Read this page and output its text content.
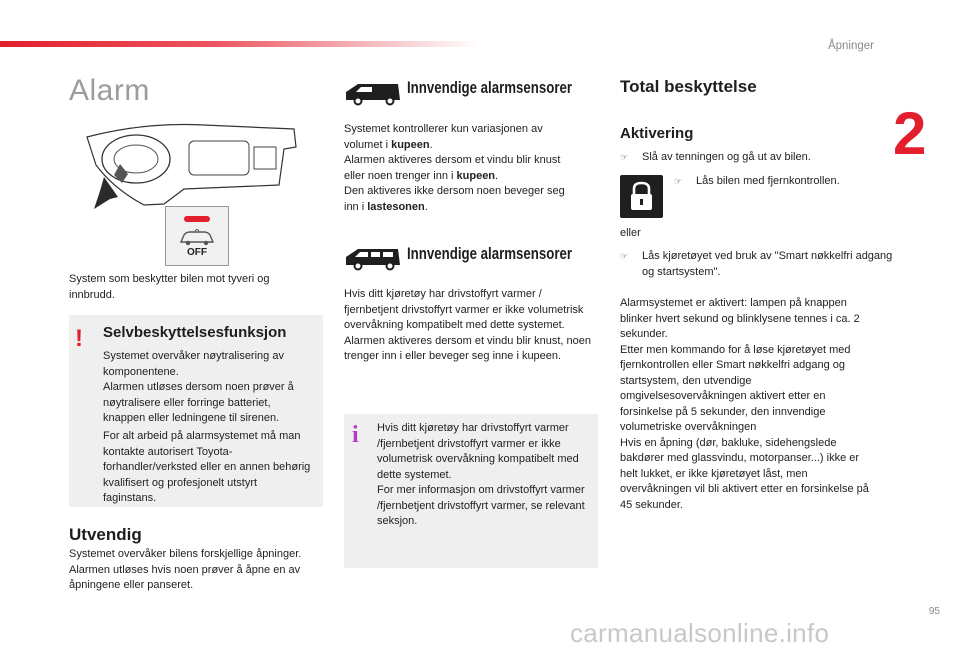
Åpninger
2
Alarm
OFF
System som beskytter bilen mot tyveri og innbrudd.
! Selvbeskyttelsesfunksjon
Systemet overvåker nøytralisering av komponentene.
Alarmen utløses dersom noen prøver å nøytralisere eller forringe batteriet, knappen eller ledningene til sirenen.
For alt arbeid på alarmsystemet må man kontakte autorisert Toyota-forhandler/verksted eller en annen behørig kvalifisert og profesjonelt utstyrt faginstans.
Utvendig
Systemet overvåker bilens forskjellige åpninger.
Alarmen utløses hvis noen prøver å åpne en av åpningene eller panseret.
Innvendige alarmsensorer
Systemet kontrollerer kun variasjonen av volumet i kupeen.
Alarmen aktiveres dersom et vindu blir knust eller noen trenger inn i kupeen.
Den aktiveres ikke dersom noen beveger seg inn i lastesonen.
Innvendige alarmsensorer
Hvis ditt kjøretøy har drivstoffyrt varmer / fjernbetjent drivstoffyrt varmer er ikke volumetrisk overvåkning kompatibelt med dette systemet.
Alarmen aktiveres dersom et vindu blir knust, noen trenger inn i eller beveger seg inne i kupeen.
i Hvis ditt kjøretøy har drivstoffyrt varmer /fjernbetjent drivstoffyrt varmer er ikke volumetrisk overvåkning kompatibelt med dette systemet.
For mer informasjon om drivstoffyrt varmer /fjernbetjent drivstoffyrt varmer, se relevant seksjon.
Total beskyttelse
Aktivering
☞ Slå av tenningen og gå ut av bilen.
☞ Lås bilen med fjernkontrollen.
eller
☞ Lås kjøretøyet ved bruk av "Smart nøkkelfri adgang og startsystem".
Alarmsystemet er aktivert: lampen på knappen blinker hvert sekund og blinklysene tennes i ca. 2 sekunder.
Etter men kommando for å løse kjøretøyet med fjernkontrollen eller Smart nøkkelfri adgang og startsystem, den utvendige omgivelsesovervåkningen aktivert etter en forsinkelse på 5 sekunder, den innvendige volumetriske overvåkningen
Hvis en åpning (dør, bakluke, sidehengslede bakdører med glassvindu, motorpanser...) ikke er helt lukket, er ikke kjøretøyet låst, men overvåkningen vil bli aktivert etter en forsinkelse på 45 sekunder.
95
carmanualsonline.info
